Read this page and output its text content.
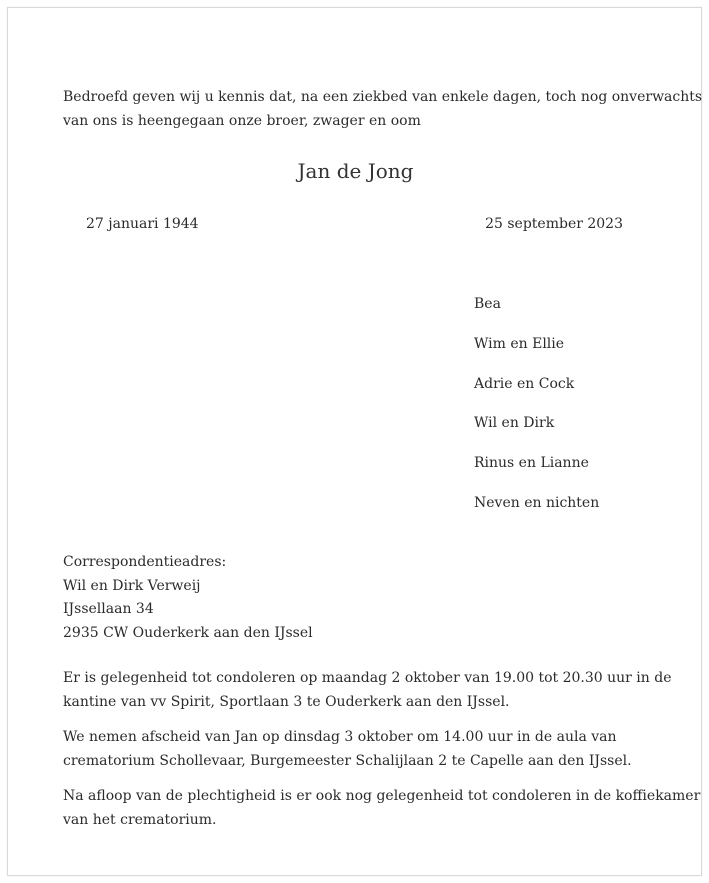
Bedroefd geven wij u kennis dat, na een ziekbed van enkele dagen, toch nog onverwachts
van ons is heengegaan onze broer, zwager en oom
Jan de Jong
27 januari 1944	25 september 2023
Bea
Wim en Ellie
Adrie en Cock
Wil en Dirk
Rinus en Lianne
Neven en nichten
Correspondentieadres:
Wil en Dirk Verweij
IJssellaan 34
2935 CW Ouderkerk aan den IJssel
Er is gelegenheid tot condoleren op maandag 2 oktober van 19.00 tot 20.30 uur in de
kantine van vv Spirit, Sportlaan 3 te Ouderkerk aan den IJssel.
We nemen afscheid van Jan op dinsdag 3 oktober om 14.00 uur in de aula van
crematorium Schollevaar, Burgemeester Schalijlaan 2 te Capelle aan den IJssel.
Na afloop van de plechtigheid is er ook nog gelegenheid tot condoleren in de koffiekamer
van het crematorium.
